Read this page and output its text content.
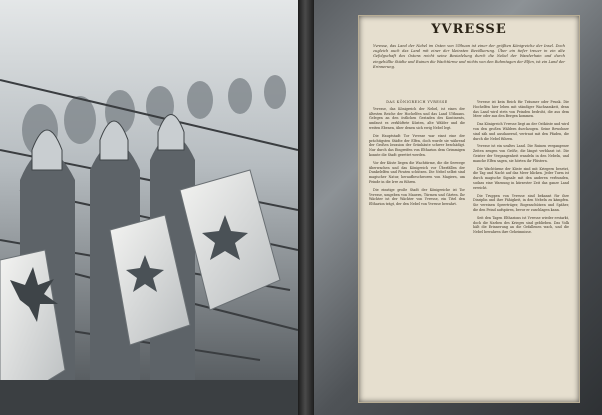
YVRESSE
Yvresse, das Land der Nebel im Osten von Ulthuan ist einer der größten Königreiche der Insel. Doch zugleich auch das Land mit einer der kleinsten Bevölkerung. Über ein tiefer treuer in ein alte Gefolgschaft des Ostens reicht seine Besiedelung durch die Nebel der Wanderhain und durch eingehüllte Städte und Ruinen die Wachtürme und nichts von den Ruhmtagen der Elfen, ist ein Land der Erinnerung.
DAS KÖNIGREICH YVRESSE

Yvresse, das Königreich der Nebel, ist eines der ältesten Reiche der Hochelfen und das Land Ulthuans. Gelegen an den östlichen Gestaden des Kontinents, umfasst es zerklüftete Küsten, alte Wälder und die weiten Ebenen, über denen sich ewig Nebel legt.

Die Hauptstadt Tor Yvresse war einst eine der prächtigsten Städte der Elfen, doch wurde sie während der Großen Invasion der Grünhäute schwer beschädigt. Nur durch das Eingreifen von Eltharion dem Grimmigen konnte die Stadt gerettet werden.

Vor der Küste liegen die Wachtürme, die die Seewege überwachen und das Königreich vor Überfällen der Dunkelelfen und Piraten schützen. Die Nebel selbst sind magischer Natur, heraufbeschworen von Magiern, um Feinde in die Irre zu führen.

Die einstige große Stadt der Königreiche ist Tor Yvresse, umgeben von Mauern, Türmen und Gärten. Ihr Wächter ist der Wächter von Yvresse, ein Titel den Eltharion trägt, der den Nebel von Yvresse bewahrt.

Yvresse ist kein Reich für Träumer oder Prunk. Die Hochelfen hier leben mit ständiger Wachsamkeit, denn das Land wird stets von Feinden bedroht, die aus dem Meer oder aus den Bergen kommen.

Das Königreich Yvresse liegt an der Ostküste und wird von den großen Wäldern durchzogen. Seine Bewohner sind zäh und ausdauernd, vertraut mit den Pfaden, die durch die Nebel führen.

Yvresse ist ein uraltes Land. Die Ruinen vergangener Zeiten zeugen von Größe, die längst verblasst ist. Die Geister der Vergangenheit wandeln in den Nebeln, und manche Elfen sagen, sie hörten ihr Flüstern.

Die Wachtürme der Küste sind mit Kriegern besetzt, die Tag und Nacht auf das Meer blicken. Jeder Turm ist durch magische Signale mit den anderen verbunden, sodass eine Warnung in kürzester Zeit das ganze Land erreicht.

Die Truppen von Yvresse sind bekannt für ihre Disziplin und ihre Fähigkeit, in den Nebeln zu kämpfen. Sie vereinen Speerträger, Bogenschützen und Späher, die den Feind aufspüren, bevor er zuschlagen kann.

Seit den Tagen Eltharions ist Yvresse wieder erstarkt, doch die Narben des Krieges sind geblieben. Das Volk hält die Erinnerung an die Gefallenen wach, und die Nebel bewahren ihre Geheimnisse.
